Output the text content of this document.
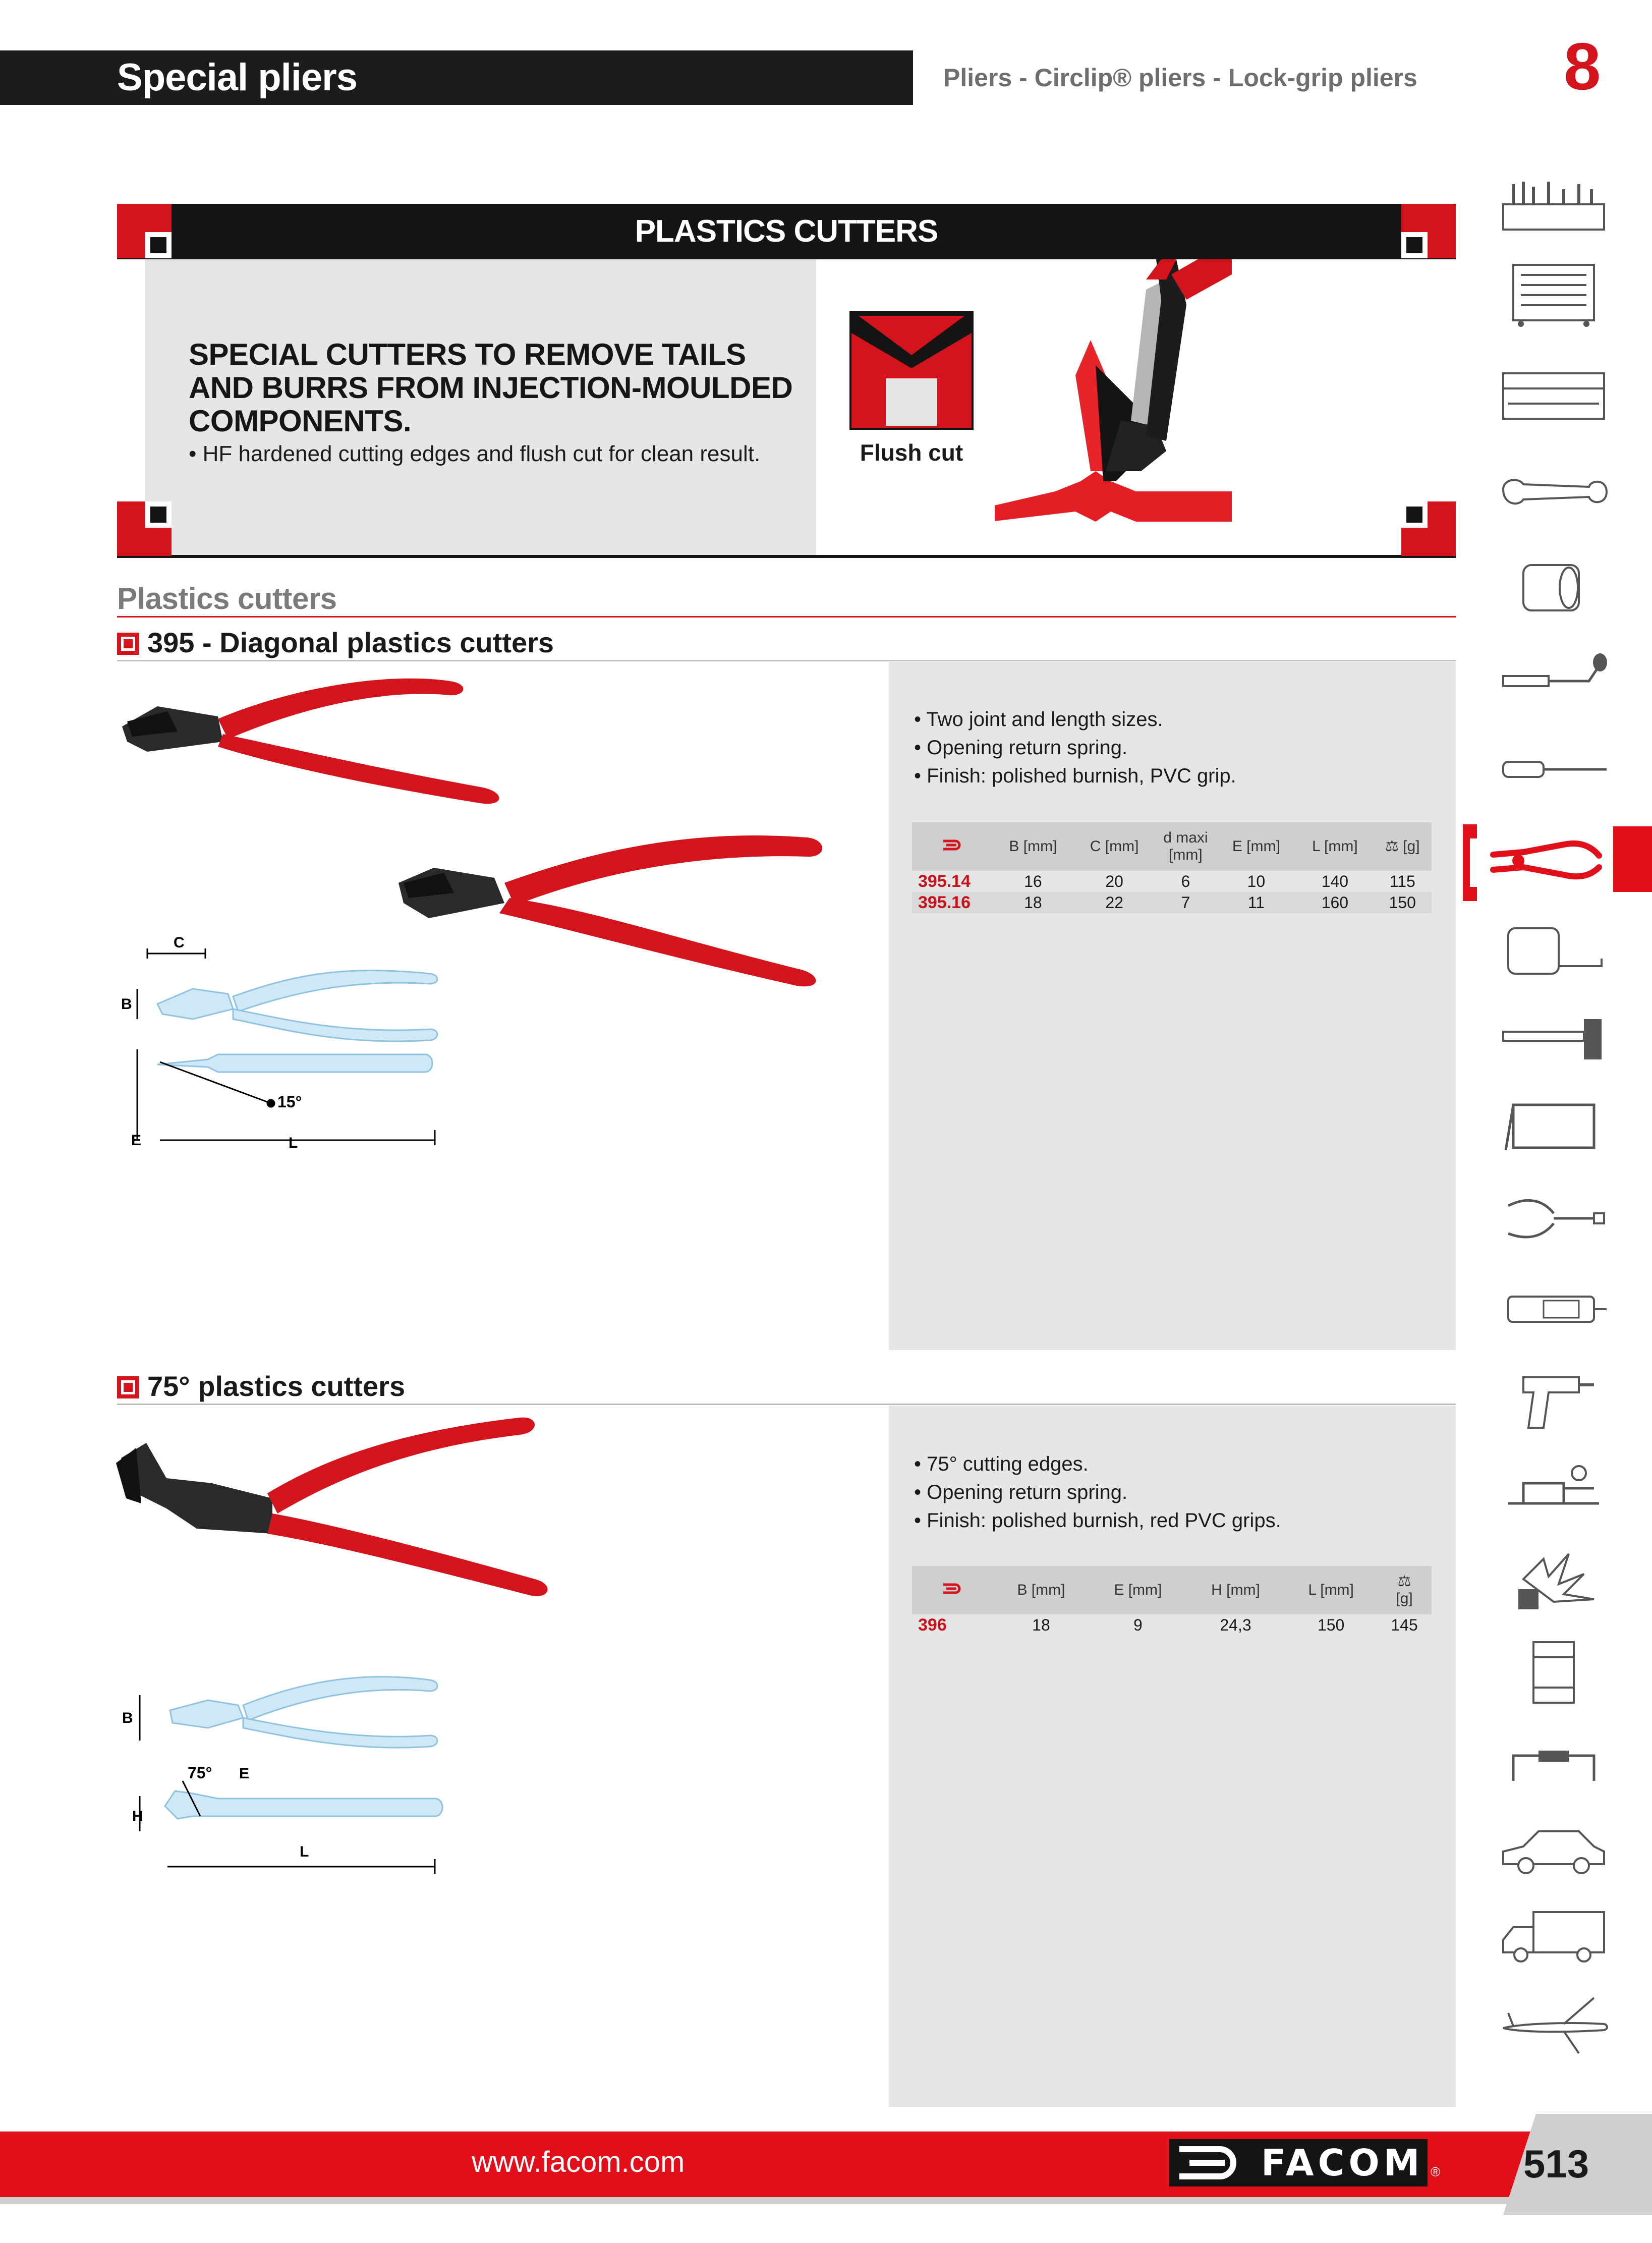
Special pliers	Pliers - Circlip® pliers - Lock-grip pliers 8
PLASTICS CUTTERS
SPECIAL CUTTERS TO REMOVE TAILS
AND BURRS FROM INJECTION-MOULDED
COMPONENTS.
• HF hardened cutting edges and flush cut for clean result.	Flush cut
Plastics cutters
395 - Diagonal plastics cutters
• Two joint and length sizes.
• Opening return spring.
• Finish: polished burnish, PVC grip.
	B [mm]	C [mm]	d maxi [mm]	E [mm]	L [mm]	⚖ [g]
395.14	16	20	6	10	140	115
395.16	18	22	7	11	160	150
C
B
E	L
15°
75° plastics cutters
• 75° cutting edges.
• Opening return spring.
• Finish: polished burnish, red PVC grips.
	B [mm]	E [mm]	H [mm]	L [mm]	⚖
[g]
396	18	9	24,3	150	145
B
H
75° E
L
www.facom.com	FACOM ® 513
